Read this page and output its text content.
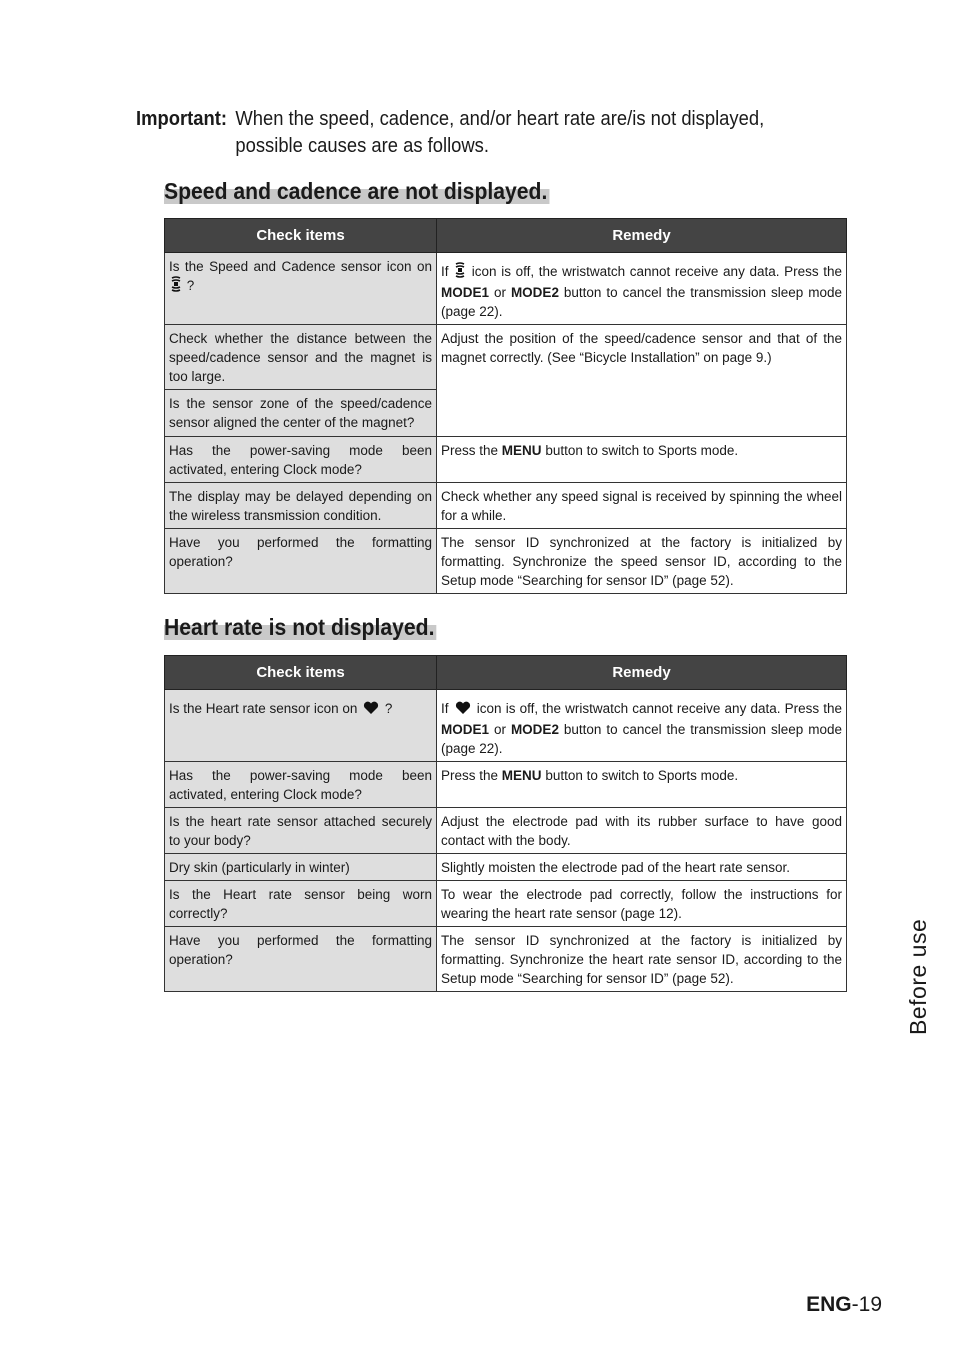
Important: When the speed, cadence, and/or heart rate are/is not displayed, possible causes are as follows.
Speed and cadence are not displayed.
Check items	Remedy
Is the Speed and Cadence sensor icon on  ?	If icon is off, the wristwatch cannot receive any data. Press the MODE1 or MODE2 button to cancel the transmission sleep mode (page 22).
Check whether the distance between the speed/cadence sensor and the magnet is too large.	Adjust the position of the speed/cadence sensor and that of the magnet correctly. (See “Bicycle Installation” on page 9.)
Is the sensor zone of the speed/cadence sensor aligned the center of the magnet?	
Has the power-saving mode been activated, entering Clock mode?	Press the MENU button to switch to Sports mode.
The display may be delayed depending on the wireless transmission condition.	Check whether any speed signal is received by spinning the wheel for a while.
Have you performed the formatting operation?	The sensor ID synchronized at the factory is initialized by formatting. Synchronize the speed sensor ID, according to the Setup mode “Searching for sensor ID” (page 52).
Heart rate is not displayed.
Check items	Remedy
Is the Heart rate sensor icon on ?	If icon is off, the wristwatch cannot receive any data. Press the MODE1 or MODE2 button to cancel the transmission sleep mode (page 22).
Has the power-saving mode been activated, entering Clock mode?	Press the MENU button to switch to Sports mode.
Is the heart rate sensor attached securely to your body?	Adjust the electrode pad with its rubber surface to have good contact with the body.
Dry skin (particularly in winter)	Slightly moisten the electrode pad of the heart rate sensor.
Is the Heart rate sensor being worn correctly?	To wear the electrode pad correctly, follow the instructions for wearing the heart rate sensor (page 12).
Have you performed the formatting operation?	The sensor ID synchronized at the factory is initialized by formatting. Synchronize the heart rate sensor ID, according to the Setup mode “Searching for sensor ID” (page 52).	Before use
ENG-19
